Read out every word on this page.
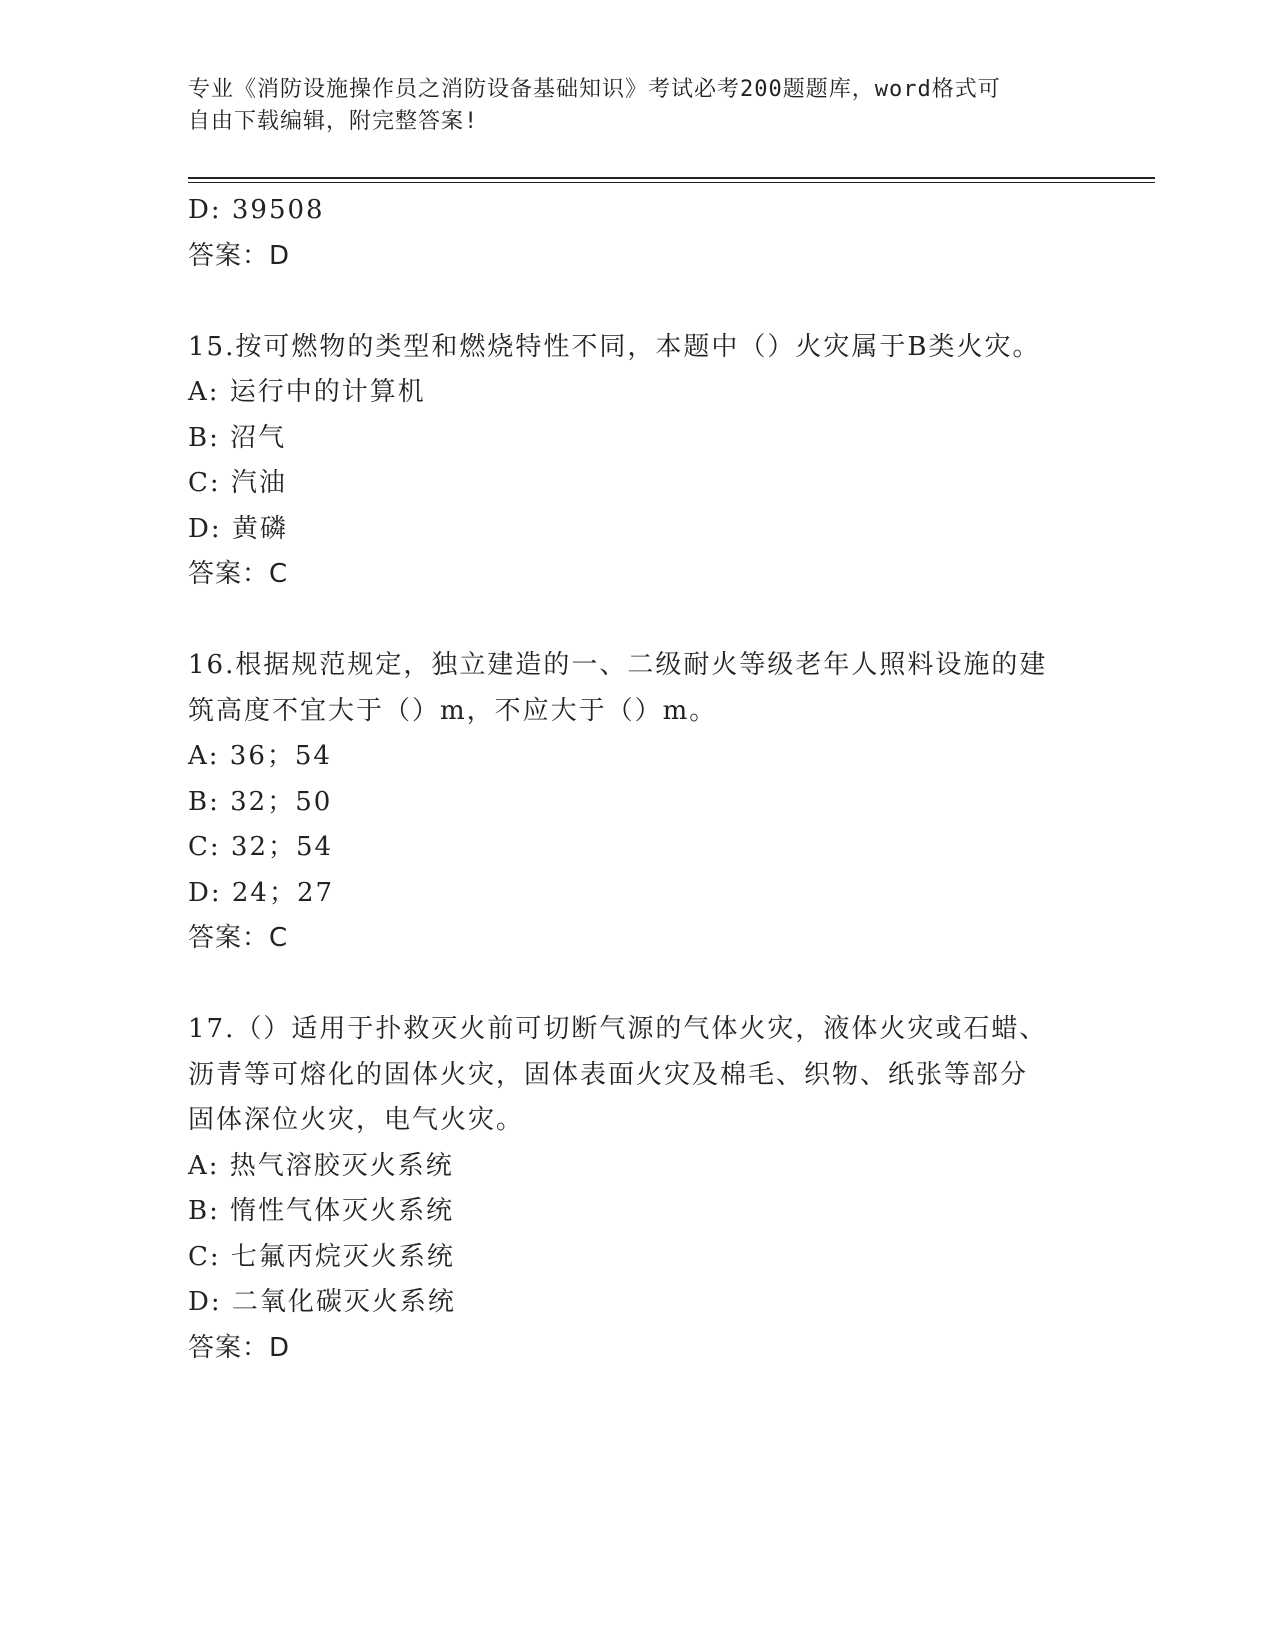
专业《消防设施操作员之消防设备基础知识》考试必考200题题库，word格式可
自由下载编辑，附完整答案!
D: 39508
答案：D
15.按可燃物的类型和燃烧特性不同，本题中（）火灾属于B类火灾。
A: 运行中的计算机
B: 沼气
C: 汽油
D: 黄磷
答案：C
16.根据规范规定，独立建造的一、二级耐火等级老年人照料设施的建
筑高度不宜大于（）m，不应大于（）m。
A: 36；54
B: 32；50
C: 32；54
D: 24；27
答案：C
17.（）适用于扑救灭火前可切断气源的气体火灾，液体火灾或石蜡、
沥青等可熔化的固体火灾，固体表面火灾及棉毛、织物、纸张等部分
固体深位火灾，电气火灾。
A: 热气溶胶灭火系统
B: 惰性气体灭火系统
C: 七氟丙烷灭火系统
D: 二氧化碳灭火系统
答案：D
